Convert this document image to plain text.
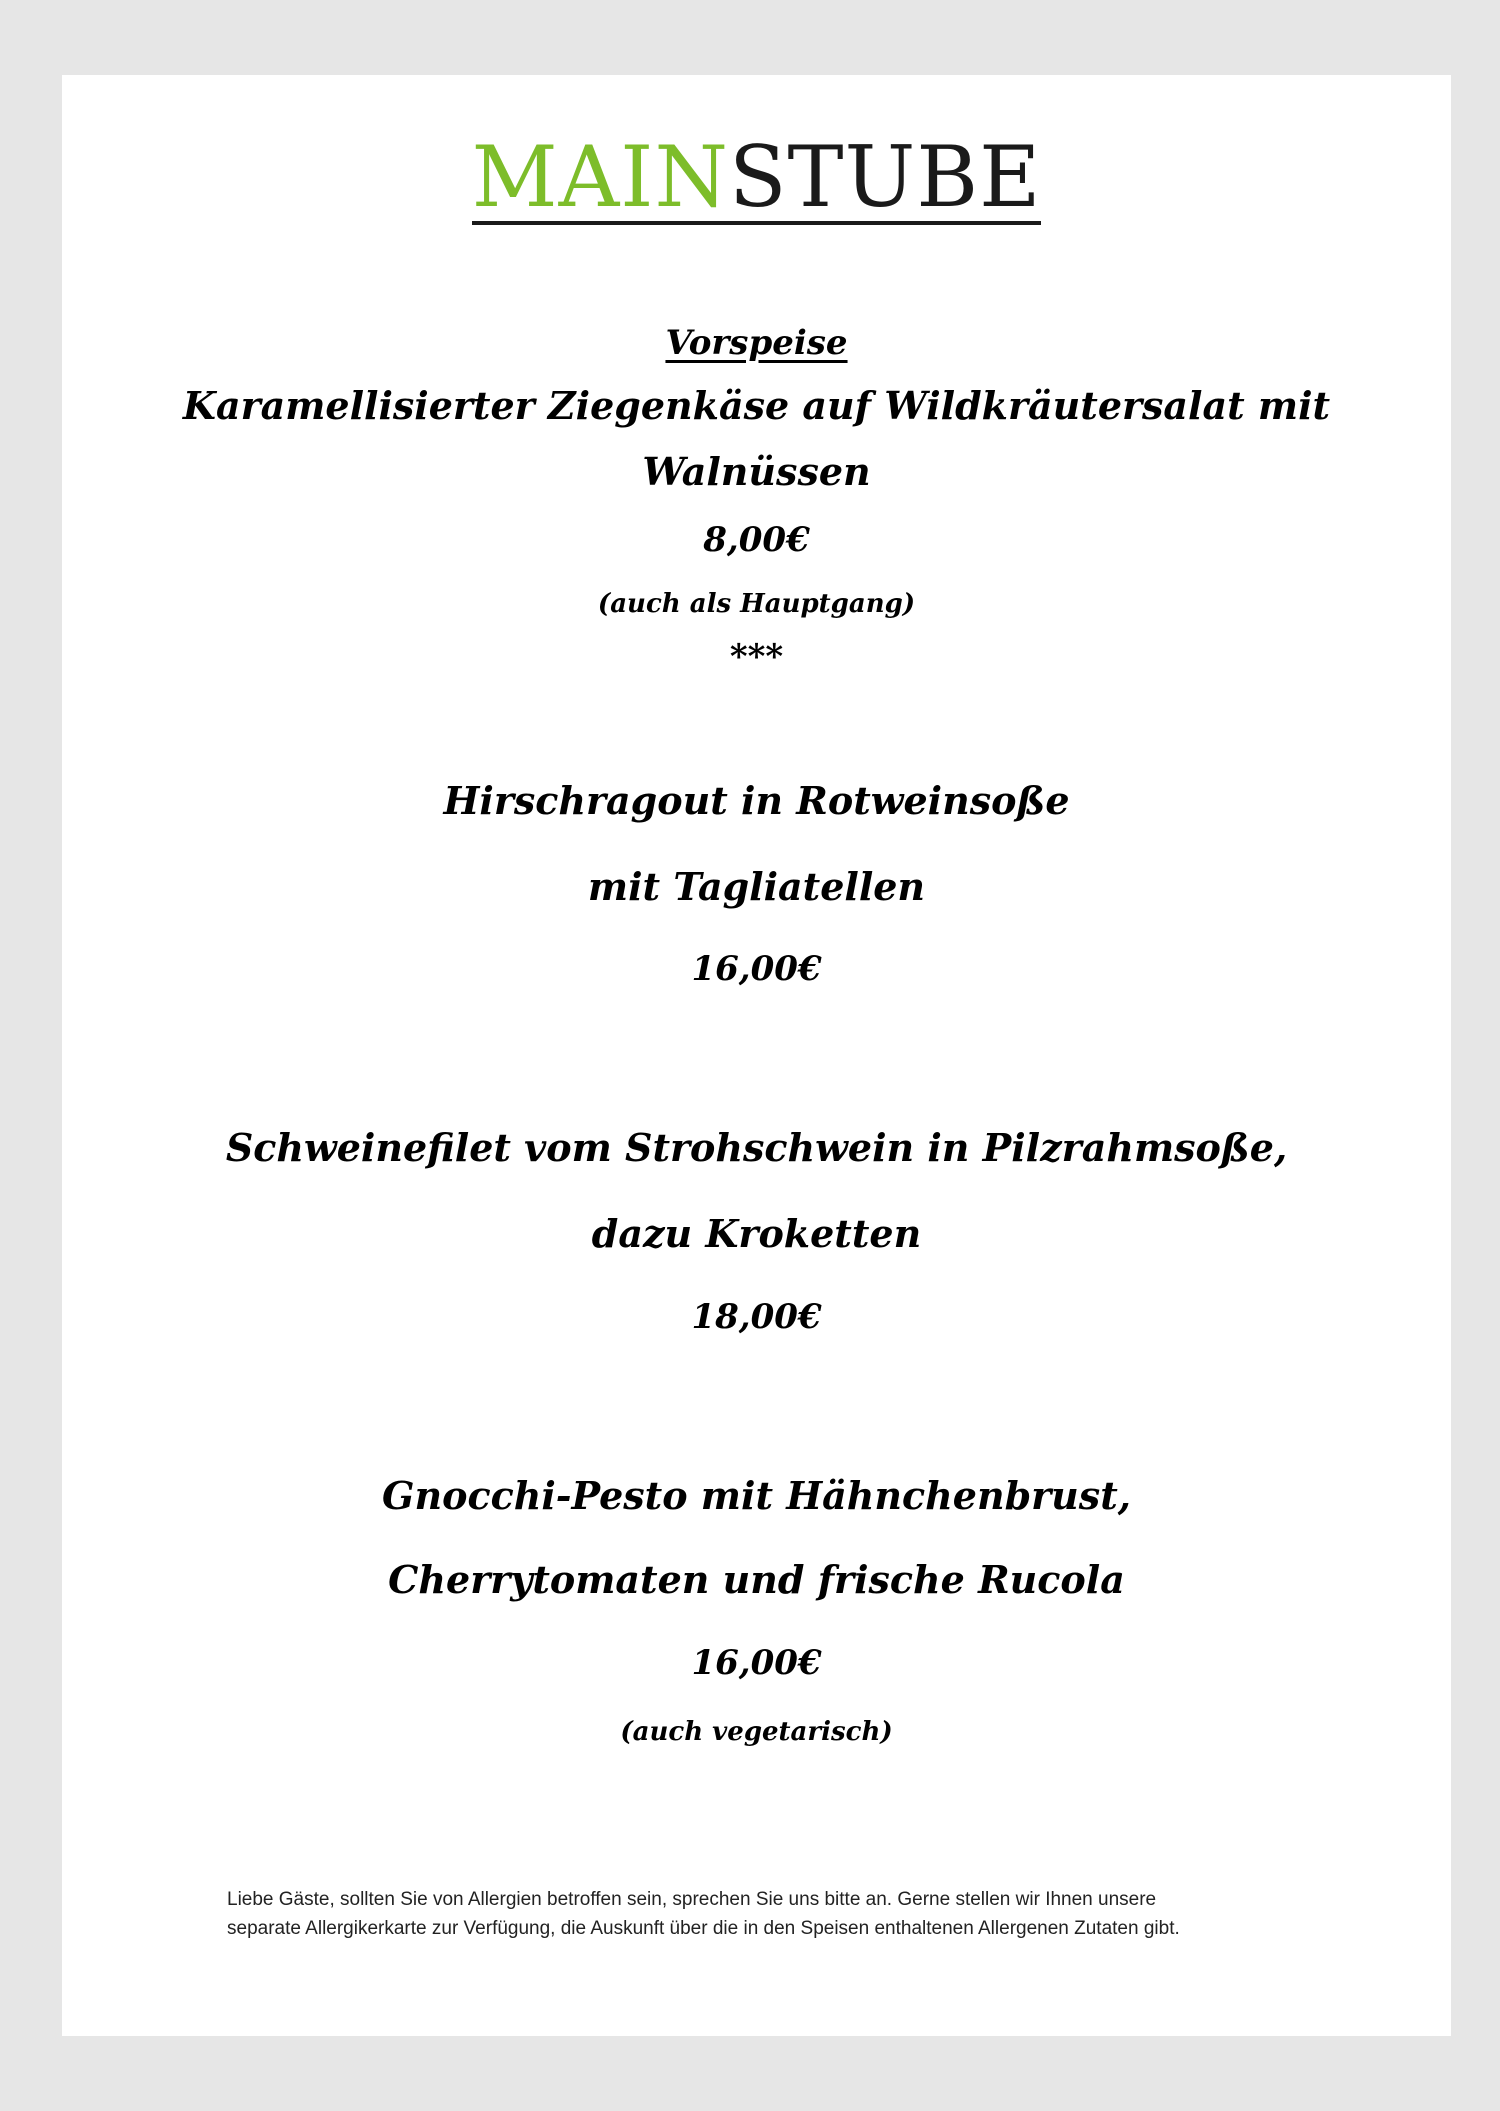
MAINSTUBE
Vorspeise
Karamellisierter Ziegenkäse auf Wildkräutersalat mit
Walnüssen
8,00€
(auch als Hauptgang)
***
Hirschragout in Rotweinsoße
mit Tagliatellen
16,00€
Schweinefilet vom Strohschwein in Pilzrahmsoße,
dazu Kroketten
18,00€
Gnocchi-Pesto mit Hähnchenbrust,
Cherrytomaten und frische Rucola
16,00€
(auch vegetarisch)
Liebe Gäste, sollten Sie von Allergien betroffen sein, sprechen Sie uns bitte an. Gerne stellen wir Ihnen unsere
separate Allergikerkarte zur Verfügung, die Auskunft über die in den Speisen enthaltenen Allergenen Zutaten gibt.
